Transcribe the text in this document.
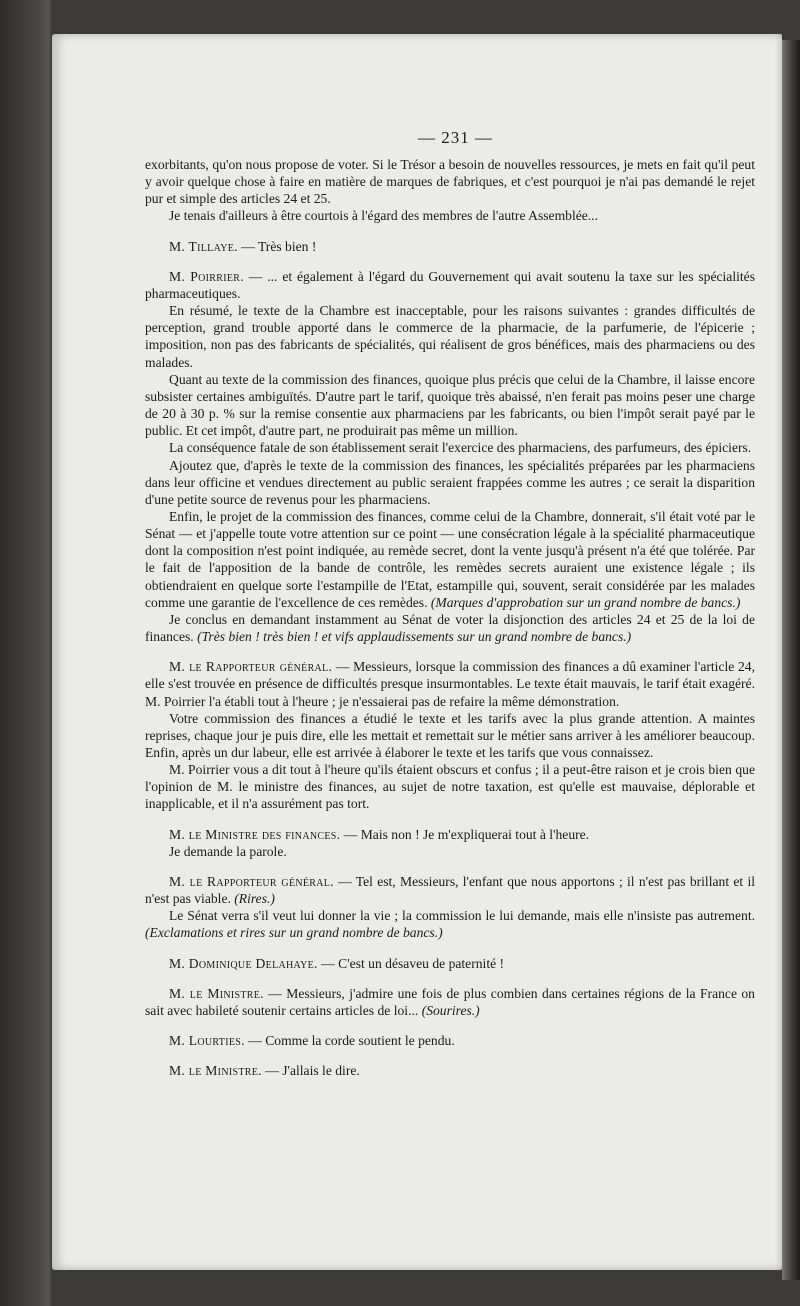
— 231 —

exorbitants, qu'on nous propose de voter. Si le Trésor a besoin de nouvelles ressources, je mets en fait qu'il peut y avoir quelque chose à faire en matière de marques de fabriques, et c'est pourquoi je n'ai pas demandé le rejet pur et simple des articles 24 et 25.

Je tenais d'ailleurs à être courtois à l'égard des membres de l'autre Assemblée...

M. Tillaye. — Très bien !

M. Poirrier. — ... et également à l'égard du Gouvernement qui avait soutenu la taxe sur les spécialités pharmaceutiques.

En résumé, le texte de la Chambre est inacceptable, pour les raisons suivantes : grandes difficultés de perception, grand trouble apporté dans le commerce de la pharmacie, de la parfumerie, de l'épicerie ; imposition, non pas des fabricants de spécialités, qui réalisent de gros bénéfices, mais des pharmaciens ou des malades.

Quant au texte de la commission des finances, quoique plus précis que celui de la Chambre, il laisse encore subsister certaines ambiguïtés. D'autre part le tarif, quoique très abaissé, n'en ferait pas moins peser une charge de 20 à 30 p. % sur la remise consentie aux pharmaciens par les fabricants, ou bien l'impôt serait payé par le public. Et cet impôt, d'autre part, ne produirait pas même un million.

La conséquence fatale de son établissement serait l'exercice des pharmaciens, des parfumeurs, des épiciers.

Ajoutez que, d'après le texte de la commission des finances, les spécialités préparées par les pharmaciens dans leur officine et vendues directement au public seraient frappées comme les autres ; ce serait la disparition d'une petite source de revenus pour les pharmaciens.

Enfin, le projet de la commission des finances, comme celui de la Chambre, donnerait, s'il était voté par le Sénat — et j'appelle toute votre attention sur ce point — une consécration légale à la spécialité pharmaceutique dont la composition n'est point indiquée, au remède secret, dont la vente jusqu'à présent n'a été que tolérée. Par le fait de l'apposition de la bande de contrôle, les remèdes secrets auraient une existence légale ; ils obtiendraient en quelque sorte l'estampille de l'Etat, estampille qui, souvent, serait considérée par les malades comme une garantie de l'excellence de ces remèdes. (Marques d'approbation sur un grand nombre de bancs.)

Je conclus en demandant instamment au Sénat de voter la disjonction des articles 24 et 25 de la loi de finances. (Très bien ! très bien ! et vifs applaudissements sur un grand nombre de bancs.)

M. le Rapporteur général. — Messieurs, lorsque la commission des finances a dû examiner l'article 24, elle s'est trouvée en présence de difficultés presque insurmontables. Le texte était mauvais, le tarif était exagéré. M. Poirrier l'a établi tout à l'heure ; je n'essaierai pas de refaire la même démonstration.

Votre commission des finances a étudié le texte et les tarifs avec la plus grande attention. A maintes reprises, chaque jour je puis dire, elle les mettait et remettait sur le métier sans arriver à les améliorer beaucoup. Enfin, après un dur labeur, elle est arrivée à élaborer le texte et les tarifs que vous connaissez.

M. Poirrier vous a dit tout à l'heure qu'ils étaient obscurs et confus ; il a peut-être raison et je crois bien que l'opinion de M. le ministre des finances, au sujet de notre taxation, est qu'elle est mauvaise, déplorable et inapplicable, et il n'a assurément pas tort.

M. le Ministre des finances. — Mais non ! Je m'expliquerai tout à l'heure.

Je demande la parole.

M. le Rapporteur général. — Tel est, Messieurs, l'enfant que nous apportons ; il n'est pas brillant et il n'est pas viable. (Rires.)

Le Sénat verra s'il veut lui donner la vie ; la commission le lui demande, mais elle n'insiste pas autrement. (Exclamations et rires sur un grand nombre de bancs.)

M. Dominique Delahaye. — C'est un désaveu de paternité !

M. le Ministre. — Messieurs, j'admire une fois de plus combien dans certaines régions de la France on sait avec habileté soutenir certains articles de loi... (Sourires.)

M. Lourties. — Comme la corde soutient le pendu.

M. le Ministre. — J'allais le dire.
